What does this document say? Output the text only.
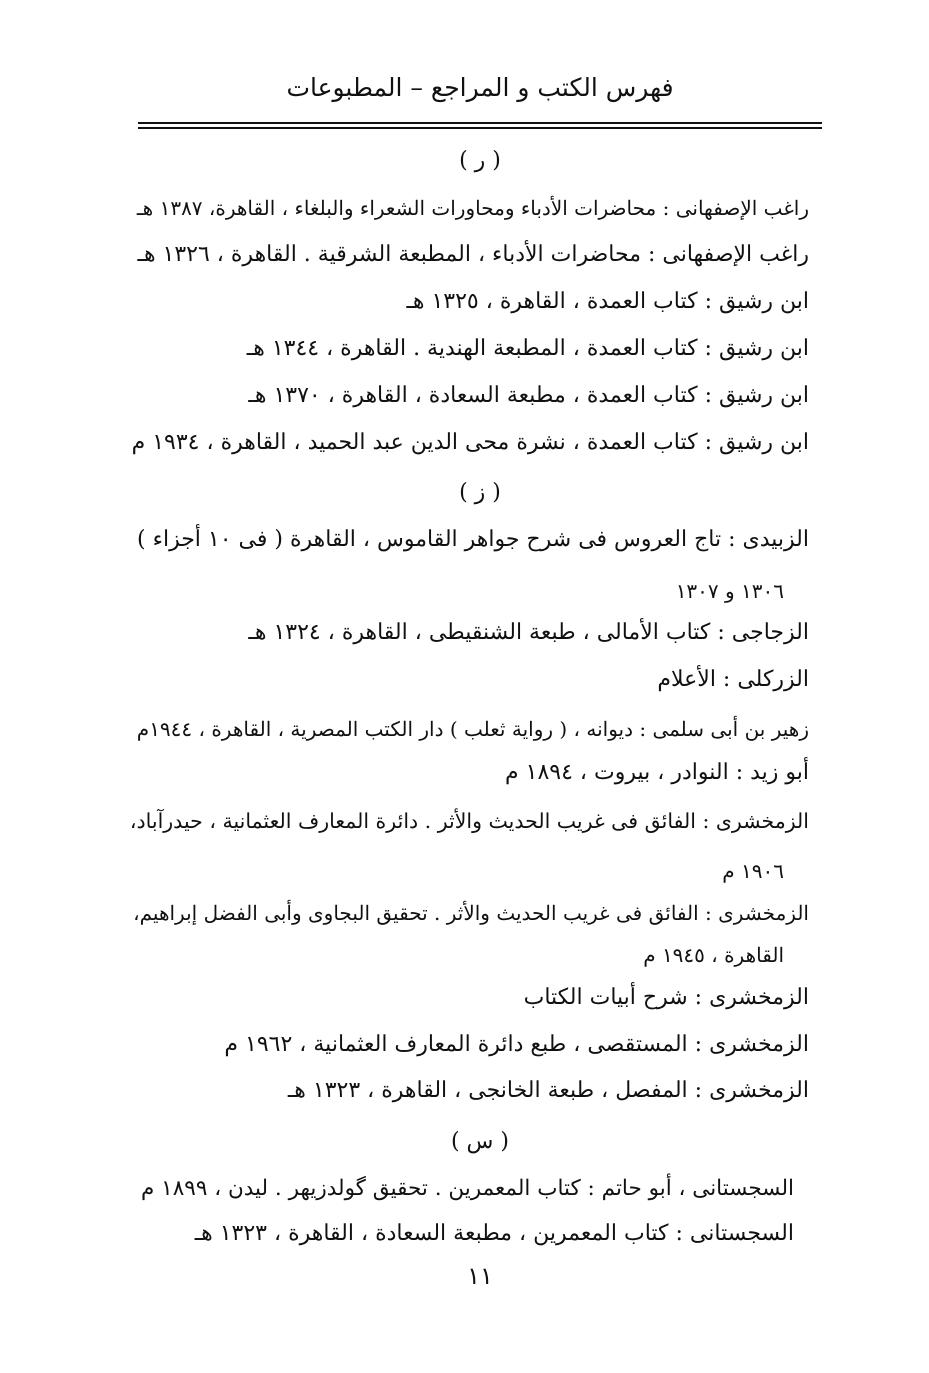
فهرس الكتب و المراجع – المطبوعات
( ر )
راغب الإصفهانى : محاضرات الأدباء ومحاورات الشعراء والبلغاء ، القاهرة، ١٣٨٧ هـ
راغب الإصفهانى : محاضرات الأدباء ، المطبعة الشرقية . القاهرة ، ١٣٢٦ هـ
ابن رشيق : كتاب العمدة ، القاهرة ، ١٣٢٥ هـ
ابن رشيق : كتاب العمدة ، المطبعة الهندية . القاهرة ، ١٣٤٤ هـ
ابن رشيق : كتاب العمدة ، مطبعة السعادة ، القاهرة ، ١٣٧٠ هـ
ابن رشيق : كتاب العمدة ، نشرة محى الدين عبد الحميد ، القاهرة ، ١٩٣٤ م
( ز )
الزبيدى : تاج العروس فى شرح جواهر القاموس ، القاهرة ( فى ١٠ أجزاء )
١٣٠٦ و ١٣٠٧
الزجاجى : كتاب الأمالى ، طبعة الشنقيطى ، القاهرة ، ١٣٢٤ هـ
الزركلى : الأعلام
زهير بن أبى سلمى : ديوانه ، ( رواية ثعلب ) دار الكتب المصرية ، القاهرة ، ١٩٤٤م
أبو زيد : النوادر ، بيروت ، ١٨٩٤ م
الزمخشرى : الفائق فى غريب الحديث والأثر . دائرة المعارف العثمانية ، حيدرآباد،
١٩٠٦ م
الزمخشرى : الفائق فى غريب الحديث والأثر . تحقيق البجاوى وأبى الفضل إبراهيم،
القاهرة ، ١٩٤٥ م
الزمخشرى : شرح أبيات الكتاب
الزمخشرى : المستقصى ، طبع دائرة المعارف العثمانية ، ١٩٦٢ م
الزمخشرى : المفصل ، طبعة الخانجى ، القاهرة ، ١٣٢٣ هـ
( س )
السجستانى ، أبو حاتم : كتاب المعمرين . تحقيق گولدزيهر . ليدن ، ١٨٩٩ م
السجستانى : كتاب المعمرين ، مطبعة السعادة ، القاهرة ، ١٣٢٣ هـ
١١
